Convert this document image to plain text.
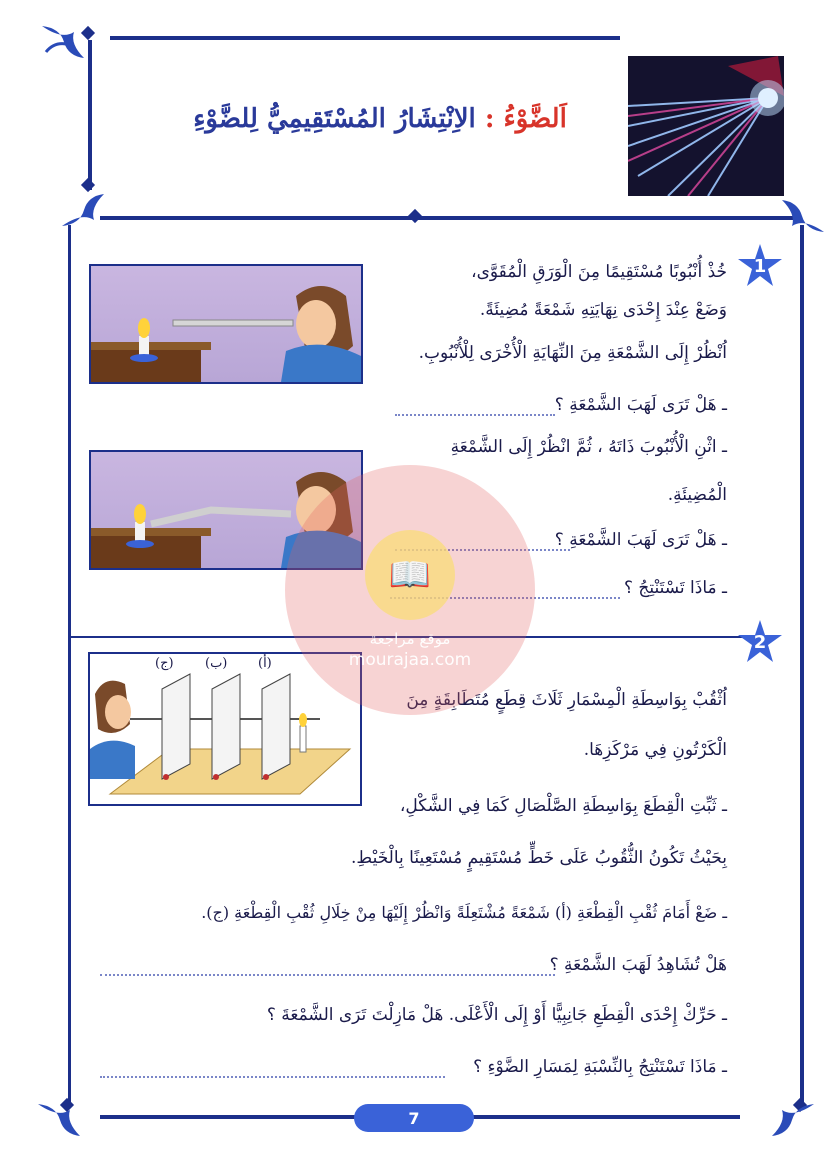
اَلضَّوْءُ : الاِنْتِشَارُ المُسْتَقِيمِيُّ لِلضَّوْءِ
1
خُذْ أُنْبُوبًا مُسْتَقِيمًا مِنَ الْوَرَقِ الْمُقَوَّى،
وَضَعْ عِنْدَ إِحْدَى نِهَايَتِهِ شَمْعَةً مُضِيئَةً.
اُنْظُرْ إِلَى الشَّمْعَةِ مِنَ النِّهَايَةِ الْأُخْرَى لِلْأُنْبُوبِ.
ـ هَلْ تَرَى لَهَبَ الشَّمْعَةِ ؟
ـ اثْنِ الْأُنْبُوبَ ذَاتَهُ ، ثُمَّ انْظُرْ إِلَى الشَّمْعَةِ
الْمُضِيئَةِ.
ـ هَلْ تَرَى لَهَبَ الشَّمْعَةِ ؟
ـ مَاذَا تَسْتَنْتِجُ ؟
2
(ج) (ب) (أ)
اُثْقُبْ بِوَاسِطَةِ الْمِسْمَارِ ثَلَاثَ قِطَعٍ مُتَطَابِقَةٍ مِنَ
الْكَرْتُونِ فِي مَرْكَزِهَا.
ـ ثَبِّتِ الْقِطَعَ بِوَاسِطَةِ الصَّلْصَالِ كَمَا فِي الشَّكْلِ،
بِحَيْثُ تَكُونُ الثُّقُوبُ عَلَى خَطٍّ مُسْتَقِيمٍ مُسْتَعِينًا بِالْخَيْطِ.
ـ ضَعْ أَمَامَ ثُقْبِ الْقِطْعَةِ (أ) شَمْعَةً مُشْتَعِلَةً وَانْظُرْ إِلَيْهَا مِنْ خِلَالِ ثُقْبِ الْقِطْعَةِ (ج).
هَلْ تُشَاهِدُ لَهَبَ الشَّمْعَةِ ؟
ـ حَرِّكْ إِحْدَى الْقِطَعِ جَانِبِيًّا أَوْ إِلَى الْأَعْلَى. هَلْ مَازِلْتَ تَرَى الشَّمْعَةَ ؟
ـ مَاذَا تَسْتَنْتِجُ بِالنِّسْبَةِ لِمَسَارِ الضَّوْءِ ؟
📖
موقع مراجعة
mourajaa.com
7
